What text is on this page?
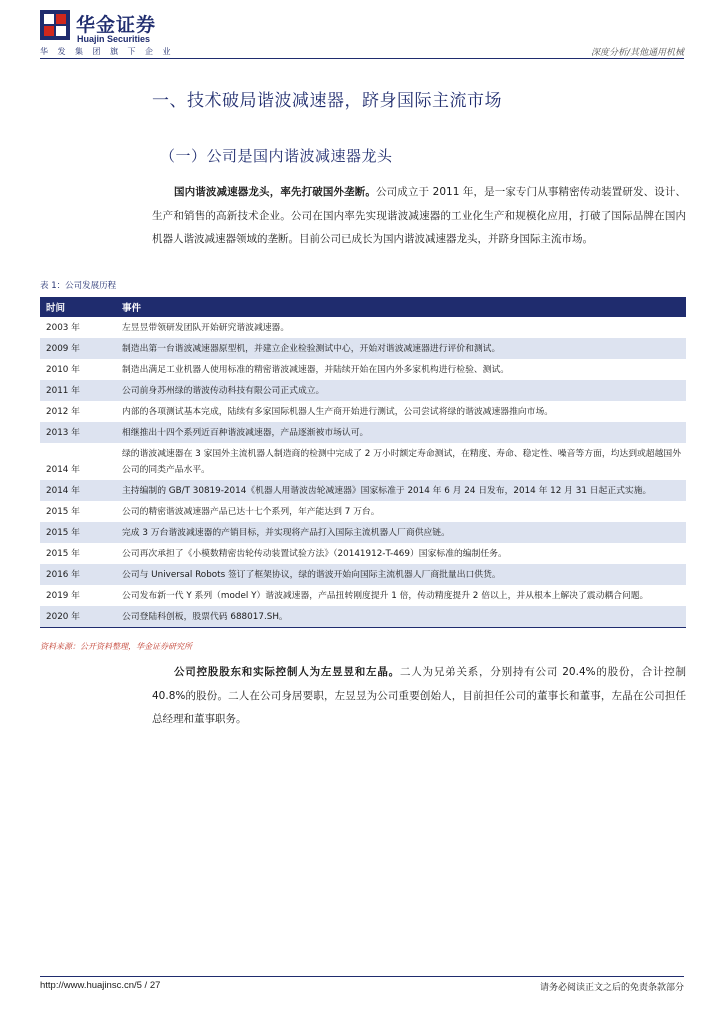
华金证券
Huajin Securities
华发集团旗下企业	深度分析/其他通用机械
一、技术破局谐波减速器，跻身国际主流市场
（一）公司是国内谐波减速器龙头
国内谐波减速器龙头，率先打破国外垄断。公司成立于 2011 年，是一家专门从事精密传动装置研发、设计、生产和销售的高新技术企业。公司在国内率先实现谐波减速器的工业化生产和规模化应用，打破了国际品牌在国内机器人谐波减速器领域的垄断。目前公司已成长为国内谐波减速器龙头，并跻身国际主流市场。
表 1：公司发展历程
时间	事件
2003 年	左昱昱带领研发团队开始研究谐波减速器。
2009 年	制造出第一台谐波减速器原型机，并建立企业检验测试中心，开始对谐波减速器进行评价和测试。
2010 年	制造出满足工业机器人使用标准的精密谐波减速器，并陆续开始在国内外多家机构进行检验、测试。
2011 年	公司前身苏州绿的谐波传动科技有限公司正式成立。
2012 年	内部的各项测试基本完成，陆续有多家国际机器人生产商开始进行测试，公司尝试将绿的谐波减速器推向市场。
2013 年	相继推出十四个系列近百种谐波减速器，产品逐渐被市场认可。
2014 年	绿的谐波减速器在 3 家国外主流机器人制造商的检测中完成了 2 万小时额定寿命测试，在精度、寿命、稳定性、噪音等方面，均达到或超越国外公司的同类产品水平。
2014 年	主持编制的 GB/T 30819-2014《机器人用谐波齿轮减速器》国家标准于 2014 年 6 月 24 日发布，2014 年 12 月 31 日起正式实施。
2015 年	公司的精密谐波减速器产品已达十七个系列，年产能达到 7 万台。
2015 年	完成 3 万台谐波减速器的产销目标，并实现将产品打入国际主流机器人厂商供应链。
2015 年	公司再次承担了《小模数精密齿轮传动装置试验方法》（20141912-T-469）国家标准的编制任务。
2016 年	公司与 Universal Robots 签订了框架协议，绿的谐波开始向国际主流机器人厂商批量出口供货。
2019 年	公司发布新一代 Y 系列（model Y）谐波减速器，产品扭转刚度提升 1 倍，传动精度提升 2 倍以上，并从根本上解决了震动耦合问题。
2020 年	公司登陆科创板，股票代码 688017.SH。
资料来源：公开资料整理，华金证券研究所
公司控股股东和实际控制人为左昱昱和左晶。二人为兄弟关系，分别持有公司 20.4%的股份，合计控制 40.8%的股份。二人在公司身居要职，左昱昱为公司重要创始人，目前担任公司的董事长和董事，左晶在公司担任总经理和董事职务。
http://www.huajinsc.cn/5 / 27	请务必阅读正文之后的免责条款部分
